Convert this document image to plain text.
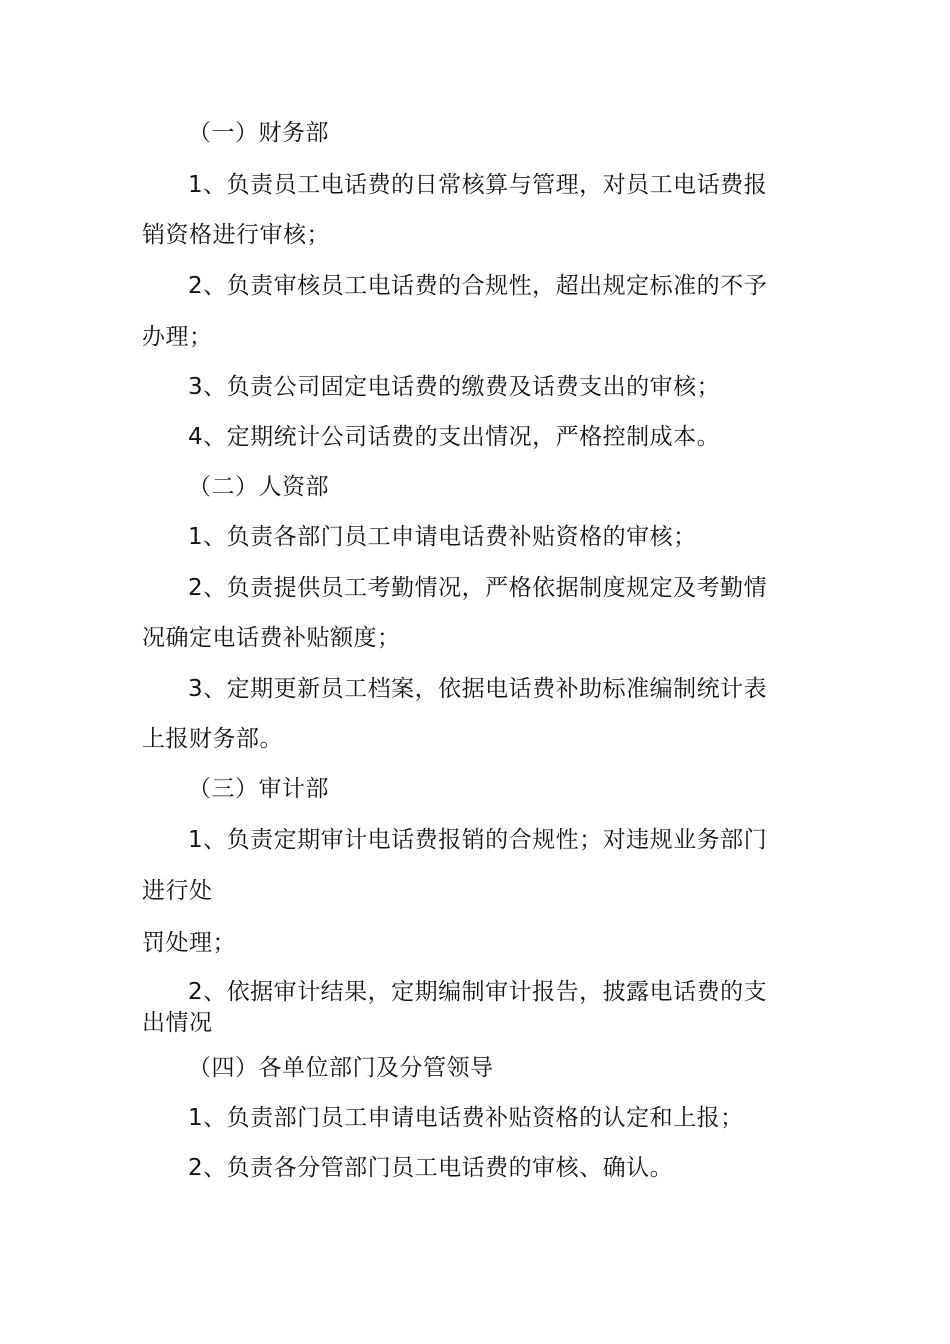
（一）财务部
1、负责员工电话费的日常核算与管理，对员工电话费报
销资格进行审核；
2、负责审核员工电话费的合规性，超出规定标准的不予
办理；
3、负责公司固定电话费的缴费及话费支出的审核；
4、定期统计公司话费的支出情况，严格控制成本。
（二）人资部
1、负责各部门员工申请电话费补贴资格的审核；
2、负责提供员工考勤情况，严格依据制度规定及考勤情
况确定电话费补贴额度；
3、定期更新员工档案，依据电话费补助标准编制统计表
上报财务部。
（三）审计部
1、负责定期审计电话费报销的合规性；对违规业务部门
进行处
罚处理；
2、依据审计结果，定期编制审计报告，披露电话费的支
出情况
（四）各单位部门及分管领导
1、负责部门员工申请电话费补贴资格的认定和上报；
2、负责各分管部门员工电话费的审核、确认。
